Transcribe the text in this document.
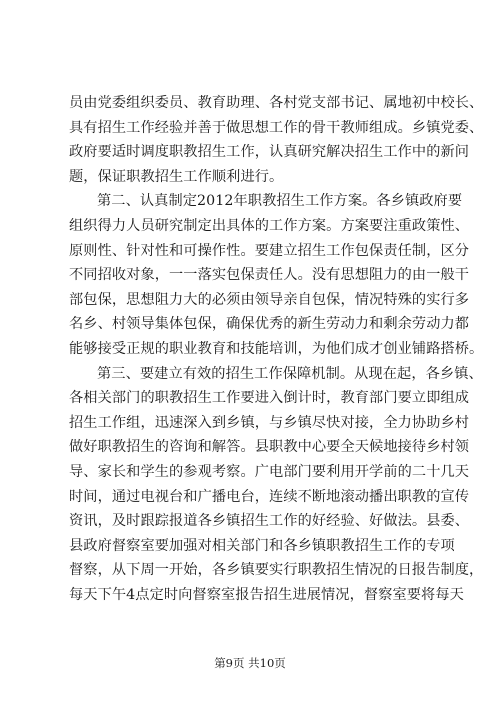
员由党委组织委员、教育助理、各村党支部书记、属地初中校长、
具有招生工作经验并善于做思想工作的骨干教师组成。乡镇党委、
政府要适时调度职教招生工作，认真研究解决招生工作中的新问
题，保证职教招生工作顺利进行。
第二、认真制定2012年职教招生工作方案。各乡镇政府要
组织得力人员研究制定出具体的工作方案。方案要注重政策性、
原则性、针对性和可操作性。要建立招生工作包保责任制，区分
不同招收对象，一一落实包保责任人。没有思想阻力的由一般干
部包保，思想阻力大的必须由领导亲自包保，情况特殊的实行多
名乡、村领导集体包保，确保优秀的新生劳动力和剩余劳动力都
能够接受正规的职业教育和技能培训，为他们成才创业铺路搭桥。
第三、要建立有效的招生工作保障机制。从现在起，各乡镇、
各相关部门的职教招生工作要进入倒计时，教育部门要立即组成
招生工作组，迅速深入到乡镇，与乡镇尽快对接，全力协助乡村
做好职教招生的咨询和解答。县职教中心要全天候地接待乡村领
导、家长和学生的参观考察。广电部门要利用开学前的二十几天
时间，通过电视台和广播电台，连续不断地滚动播出职教的宣传
资讯，及时跟踪报道各乡镇招生工作的好经验、好做法。县委、
县政府督察室要加强对相关部门和各乡镇职教招生工作的专项
督察，从下周一开始，各乡镇要实行职教招生情况的日报告制度，
每天下午4点定时向督察室报告招生进展情况，督察室要将每天
第9页 共10页
